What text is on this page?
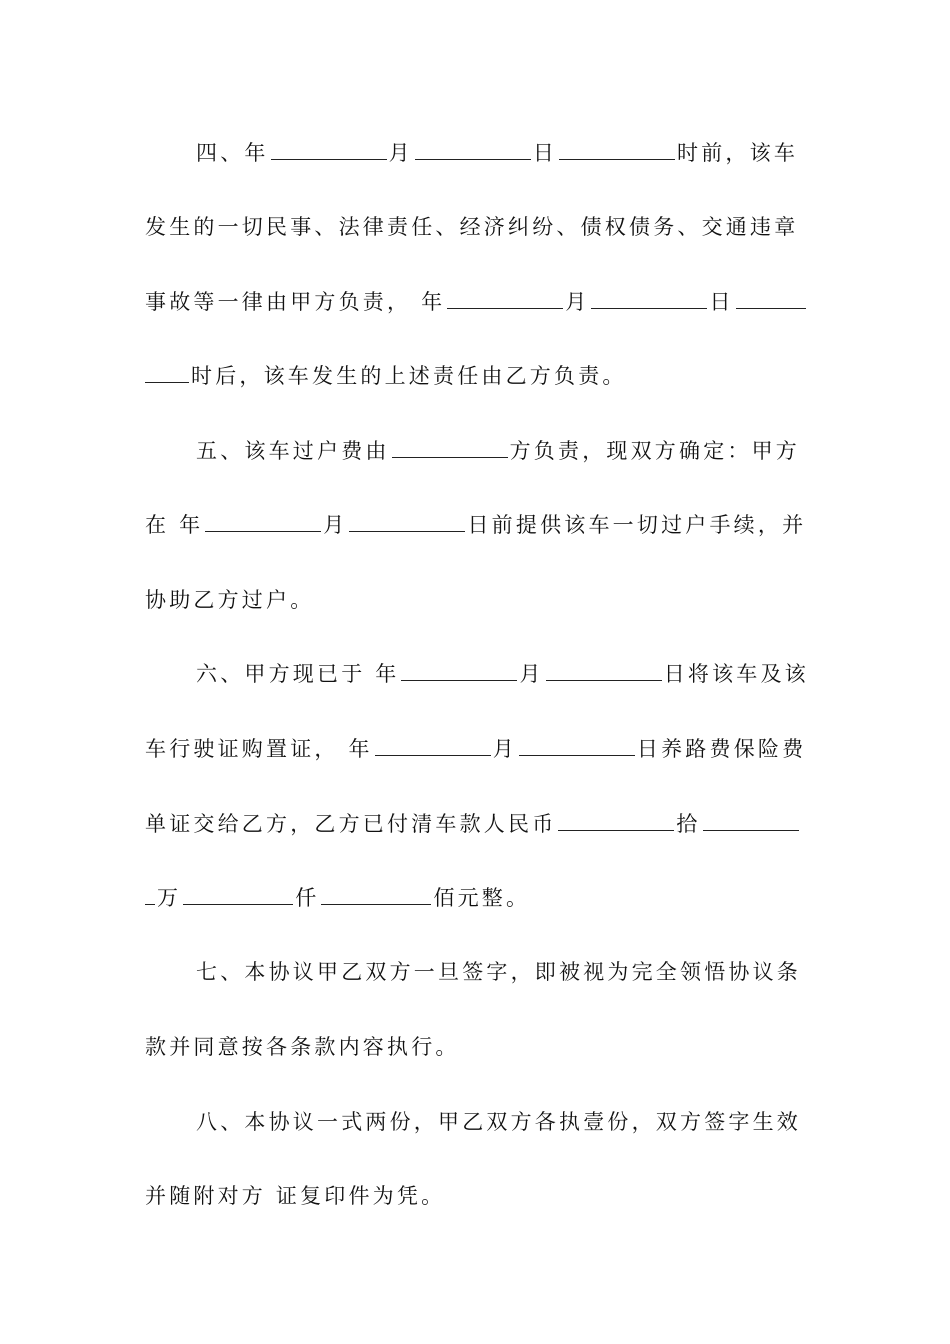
四、年	月	日	时前，该车
发生的一切民事、法律责任、经济纠纷、债权债务、交通违章
事故等一律由甲方负责， 年	月	日
时后，该车发生的上述责任由乙方负责。
五、该车过户费由	方负责，现双方确定：甲方
在 年	月	日前提供该车一切过户手续，并
协助乙方过户。
六、甲方现已于 年	月	日将该车及该
车行驶证购置证， 年	月	日养路费保险费
单证交给乙方，乙方已付清车款人民币	拾
万	仟	佰元整。
七、本协议甲乙双方一旦签字，即被视为完全领悟协议条
款并同意按各条款内容执行。
八、本协议一式两份，甲乙双方各执壹份，双方签字生效
并随附对方 证复印件为凭。
